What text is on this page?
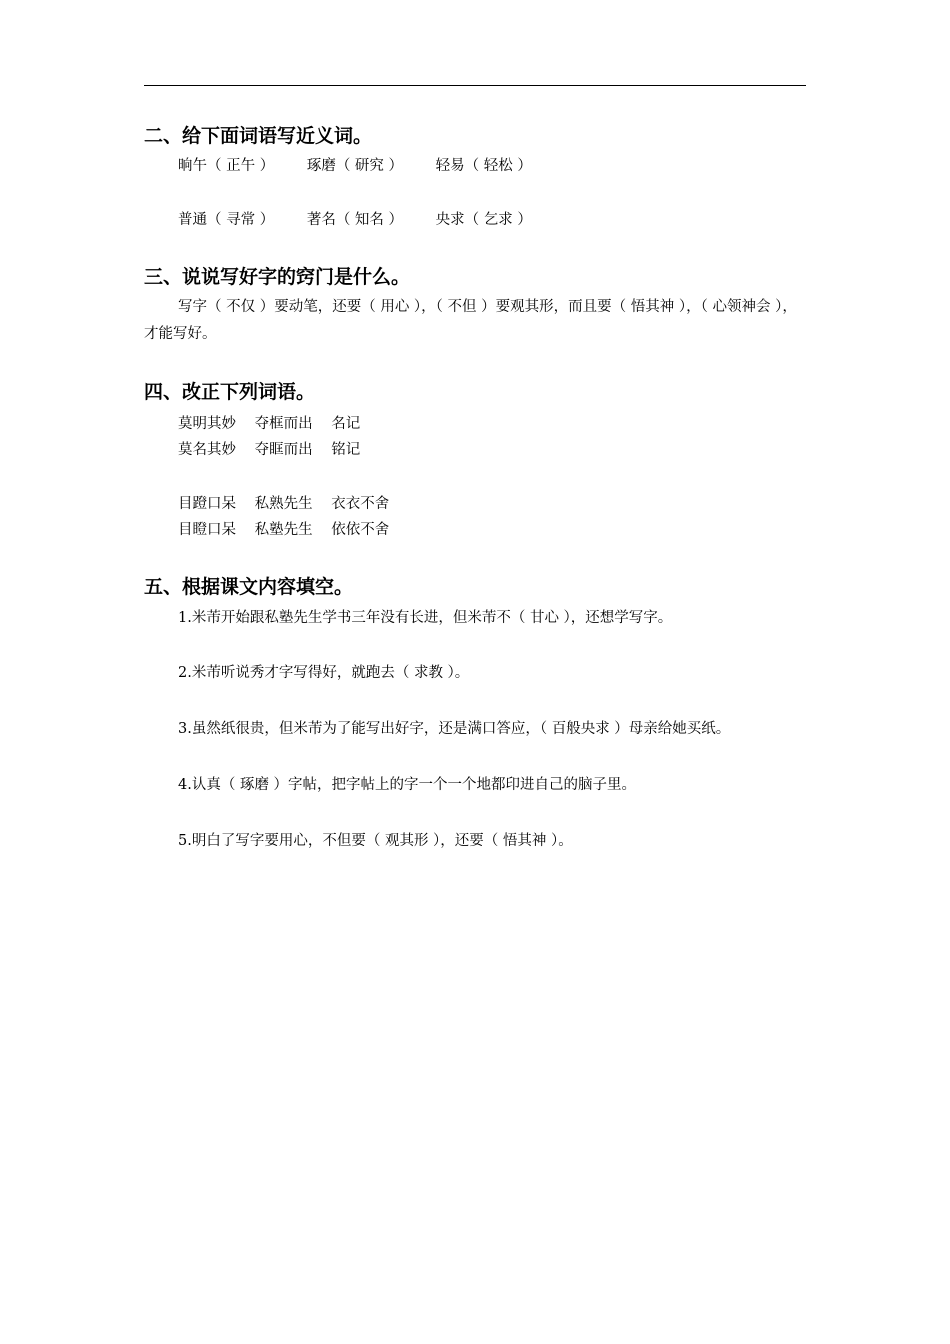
二、给下面词语写近义词。
晌午（ 正午 ） 琢磨（ 研究 ） 轻易（ 轻松 ）
普通（ 寻常 ） 著名（ 知名 ） 央求（ 乞求 ）
三、说说写好字的窍门是什么。
写字（ 不仅 ）要动笔，还要（ 用心 ），（ 不但 ）要观其形，而且要（ 悟其神 ），（ 心领神会 ），才能写好。
四、改正下列词语。
莫明其妙 夺框而出 名记
莫名其妙 夺眶而出 铭记
目蹬口呆 私熟先生 衣衣不舍
目瞪口呆 私塾先生 依依不舍
五、根据课文内容填空。
1.米芾开始跟私塾先生学书三年没有长进，但米芾不（ 甘心 ），还想学写字。
2.米芾听说秀才字写得好，就跑去（ 求教 ）。
3.虽然纸很贵，但米芾为了能写出好字，还是满口答应，（ 百般央求 ）母亲给她买纸。
4.认真（ 琢磨 ）字帖，把字帖上的字一个一个地都印进自己的脑子里。
5.明白了写字要用心，不但要（ 观其形 ），还要（ 悟其神 ）。
